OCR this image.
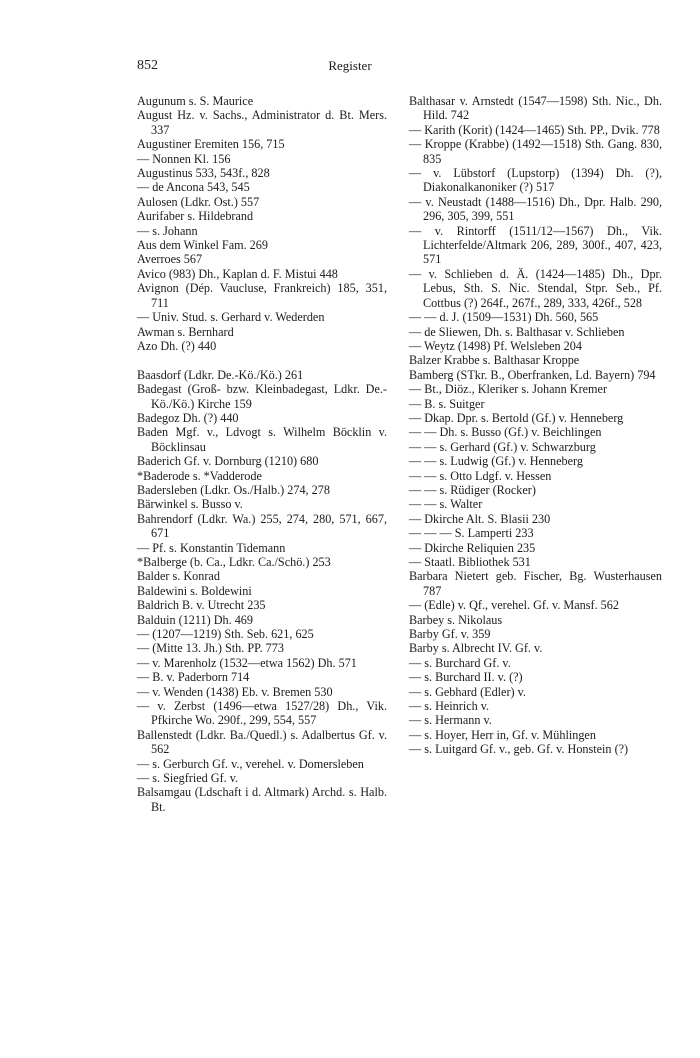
852	Register
Augunum s. S. Maurice
August Hz. v. Sachs., Administrator d. Bt. Mers. 337
Augustiner Eremiten 156, 715
— Nonnen Kl. 156
Augustinus 533, 543f., 828
— de Ancona 543, 545
Aulosen (Ldkr. Ost.) 557
Aurifaber s. Hildebrand
— s. Johann
Aus dem Winkel Fam. 269
Averroes 567
Avico (983) Dh., Kaplan d. F. Mistui 448
Avignon (Dép. Vaucluse, Frankreich) 185, 351, 711
— Univ. Stud. s. Gerhard v. Wederden
Awman s. Bernhard
Azo Dh. (?) 440
Baasdorf (Ldkr. De.-Kö./Kö.) 261
Badegast (Groß- bzw. Kleinbadegast, Ldkr. De.-Kö./Kö.) Kirche 159
Badegoz Dh. (?) 440
Baden Mgf. v., Ldvogt s. Wilhelm Böcklin v. Böcklinsau
Baderich Gf. v. Dornburg (1210) 680
*Baderode s. *Vadderode
Badersleben (Ldkr. Os./Halb.) 274, 278
Bärwinkel s. Busso v.
Bahrendorf (Ldkr. Wa.) 255, 274, 280, 571, 667, 671
— Pf. s. Konstantin Tidemann
*Balberge (b. Ca., Ldkr. Ca./Schö.) 253
Balder s. Konrad
Baldewini s. Boldewini
Baldrich B. v. Utrecht 235
Balduin (1211) Dh. 469
— (1207—1219) Sth. Seb. 621, 625
— (Mitte 13. Jh.) Sth. PP. 773
— v. Marenholz (1532—etwa 1562) Dh. 571
— B. v. Paderborn 714
— v. Wenden (1438) Eb. v. Bremen 530
— v. Zerbst (1496—etwa 1527/28) Dh., Vik. Pfkirche Wo. 290f., 299, 554, 557
Ballenstedt (Ldkr. Ba./Quedl.) s. Adalbertus Gf. v. 562
— s. Gerburch Gf. v., verehel. v. Domersleben
— s. Siegfried Gf. v.
Balsamgau (Ldschaft i d. Altmark) Archd. s. Halb. Bt.
Balthasar v. Arnstedt (1547—1598) Sth. Nic., Dh. Hild. 742
— Karith (Korit) (1424—1465) Sth. PP., Dvik. 778
— Kroppe (Krabbe) (1492—1518) Sth. Gang. 830, 835
— v. Lübstorf (Lupstorp) (1394) Dh. (?), Diakonalkanoniker (?) 517
— v. Neustadt (1488—1516) Dh., Dpr. Halb. 290, 296, 305, 399, 551
— v. Rintorff (1511/12—1567) Dh., Vik. Lichterfelde/Altmark 206, 289, 300f., 407, 423, 571
— v. Schlieben d. Ä. (1424—1485) Dh., Dpr. Lebus, Sth. S. Nic. Stendal, Stpr. Seb., Pf. Cottbus (?) 264f., 267f., 289, 333, 426f., 528
— — d. J. (1509—1531) Dh. 560, 565
— de Sliewen, Dh. s. Balthasar v. Schlieben
— Weytz (1498) Pf. Welsleben 204
Balzer Krabbe s. Balthasar Kroppe
Bamberg (STkr. B., Oberfranken, Ld. Bayern) 794
— Bt., Diöz., Kleriker s. Johann Kremer
— B. s. Suitger
— Dkap. Dpr. s. Bertold (Gf.) v. Henneberg
— — Dh. s. Busso (Gf.) v. Beichlingen
— — s. Gerhard (Gf.) v. Schwarzburg
— — s. Ludwig (Gf.) v. Henneberg
— — s. Otto Ldgf. v. Hessen
— — s. Rüdiger (Rocker)
— — s. Walter
— Dkirche Alt. S. Blasii 230
— — — S. Lamperti 233
— Dkirche Reliquien 235
— Staatl. Bibliothek 531
Barbara Nietert geb. Fischer, Bg. Wusterhausen 787
— (Edle) v. Qf., verehel. Gf. v. Mansf. 562
Barbey s. Nikolaus
Barby Gf. v. 359
Barby s. Albrecht IV. Gf. v.
— s. Burchard Gf. v.
— s. Burchard II. v. (?)
— s. Gebhard (Edler) v.
— s. Heinrich v.
— s. Hermann v.
— s. Hoyer, Herr in, Gf. v. Mühlingen
— s. Luitgard Gf. v., geb. Gf. v. Honstein (?)
